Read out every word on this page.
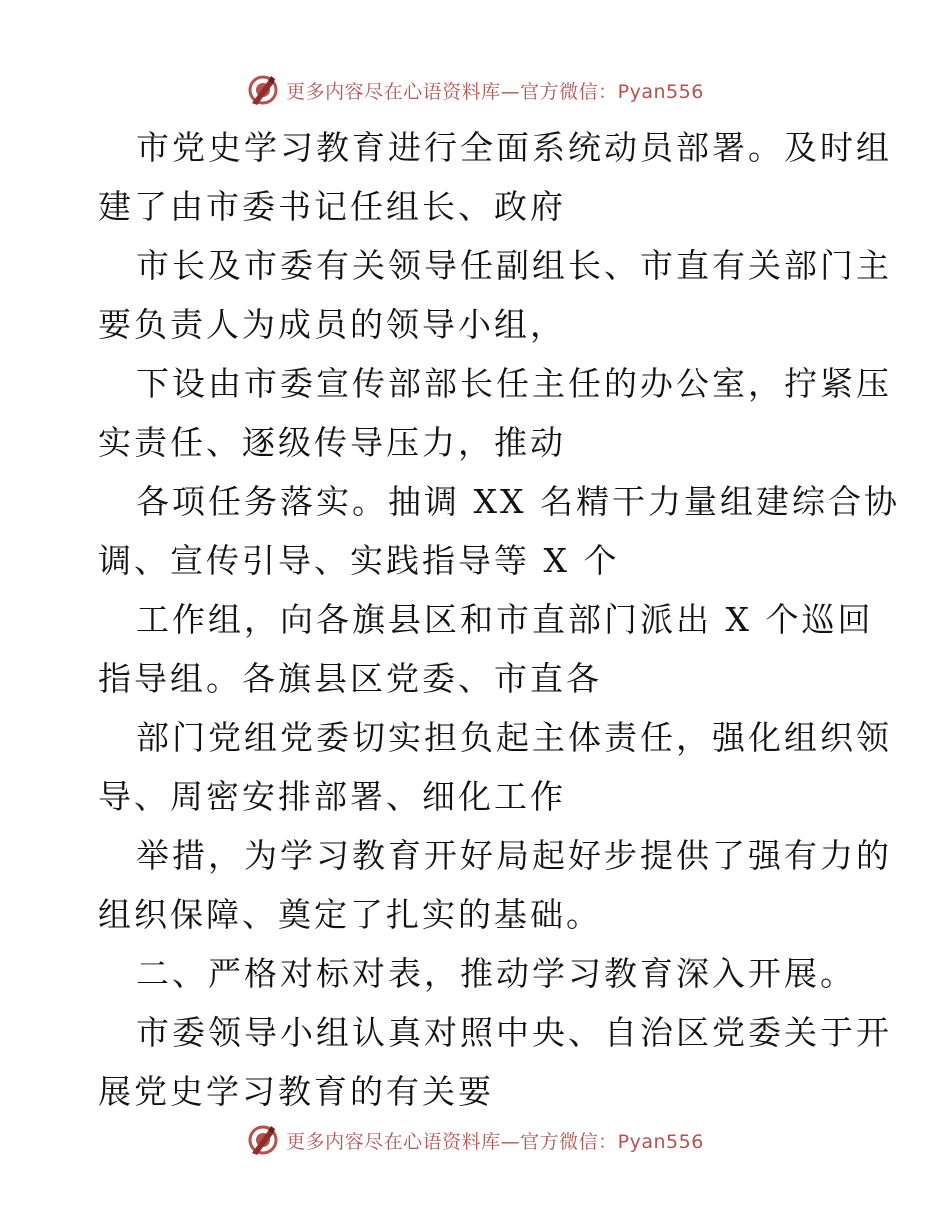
更多内容尽在心语资料库—官方微信：Pyan556
市党史学习教育进行全面系统动员部署。及时组
建了由市委书记任组长、政府
市长及市委有关领导任副组长、市直有关部门主
要负责人为成员的领导小组，
下设由市委宣传部部长任主任的办公室，拧紧压
实责任、逐级传导压力，推动
各项任务落实。抽调 XX 名精干力量组建综合协
调、宣传引导、实践指导等 X 个
工作组，向各旗县区和市直部门派出 X 个巡回
指导组。各旗县区党委、市直各
部门党组党委切实担负起主体责任，强化组织领
导、周密安排部署、细化工作
举措，为学习教育开好局起好步提供了强有力的
组织保障、奠定了扎实的基础。
二、严格对标对表，推动学习教育深入开展。
市委领导小组认真对照中央、自治区党委关于开
展党史学习教育的有关要
更多内容尽在心语资料库—官方微信：Pyan556
